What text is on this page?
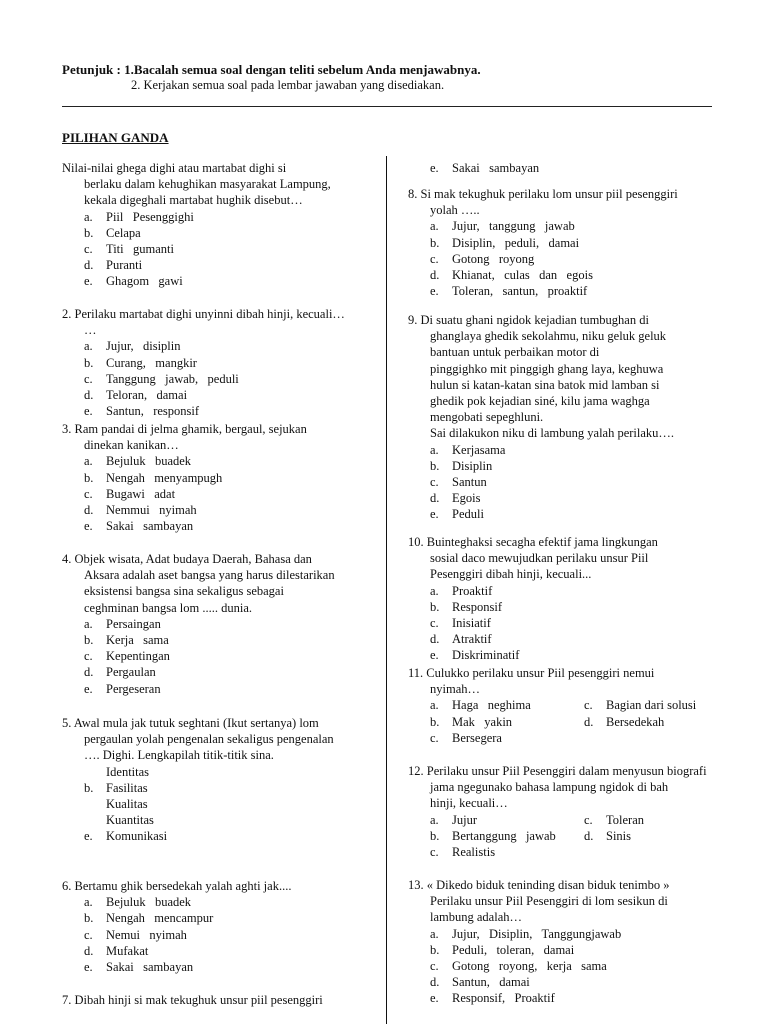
Petunjuk : 1.Bacalah semua soal dengan teliti sebelum Anda menjawabnya.
2. Kerjakan semua soal pada lembar jawaban yang disediakan.
PILIHAN GANDA
Nilai-nilai ghega dighi atau martabat dighi si
berlaku dalam kehughikan masyarakat Lampung,
kekala digeghali martabat hughik disebut…
a.	Piil   Pesenggighi
b.	Celapa
c.	Titi   gumanti
d.	Puranti
e.	Ghagom   gawi
2. Perilaku martabat dighi unyinni dibah hinji, kecuali…
…
a.	Jujur,   disiplin
b.	Curang,   mangkir
c.	Tanggung   jawab,   peduli
d.	Teloran,   damai
e.	Santun,   responsif
3. Ram pandai di jelma ghamik, bergaul, sejukan
dinekan kanikan…
a.	Bejuluk   buadek
b.	Nengah   menyampugh
c.	Bugawi   adat
d.	Nemmui   nyimah
e.	Sakai   sambayan
4. Objek wisata, Adat budaya Daerah, Bahasa dan
Aksara adalah aset bangsa yang harus dilestarikan
eksistensi bangsa sina sekaligus sebagai
ceghminan bangsa lom ..... dunia.
a.	Persaingan
b.	Kerja   sama
c.	Kepentingan
d.	Pergaulan
e.	Pergeseran
5. Awal mula jak tutuk seghtani (Ikut sertanya) lom
pergaulan yolah pengenalan sekaligus pengenalan
…. Dighi. Lengkapilah titik-titik sina.
Identitas
b.	Fasilitas
Kualitas
Kuantitas
e.	Komunikasi
6. Bertamu ghik bersedekah yalah aghti jak....
a.	Bejuluk   buadek
b.	Nengah   mencampur
c.	Nemui   nyimah
d.	Mufakat
e.	Sakai   sambayan
7. Dibah hinji si mak tekughuk unsur piil pesenggiri
e.	Sakai   sambayan
8. Si mak tekughuk perilaku lom unsur piil pesenggiri
yolah …..
a.	Jujur,   tanggung   jawab
b.	Disiplin,   peduli,   damai
c.	Gotong   royong
d.	Khianat,   culas   dan   egois
e.	Toleran,   santun,   proaktif
9. Di suatu ghani ngidok kejadian tumbughan di
ghanglaya ghedik sekolahmu, niku geluk geluk
bantuan untuk perbaikan motor di
pinggighko mit pinggigh ghang laya, keghuwa
hulun si katan-katan sina batok mid lamban si
ghedik pok kejadian siné, kilu jama waghga
mengobati sepeghluni.
Sai dilakukon niku di lambung yalah perilaku….
a.	Kerjasama
b.	Disiplin
c.	Santun
d.	Egois
e.	Peduli
10. Buinteghaksi secagha efektif jama lingkungan
sosial daco mewujudkan perilaku unsur Piil
Pesenggiri dibah hinji, kecuali...
a.	Proaktif
b.	Responsif
c.	Inisiatif
d.	Atraktif
e.	Diskriminatif
11. Culukko perilaku unsur Piil pesenggiri nemui
nyimah…
a.	Haga   neghima	c.	Bagian dari solusi
b.	Mak   yakin	d.	Bersedekah
c.	Bersegera
12. Perilaku unsur Piil Pesenggiri dalam menyusun biografi
jama ngegunako bahasa lampung ngidok di bah
hinji, kecuali…
a.	Jujur	c.	Toleran
b.	Bertanggung   jawab d.	Sinis
c.	Realistis
13. « Dikedo biduk teninding disan biduk tenimbo »
Perilaku unsur Piil Pesenggiri di lom sesikun di
lambung adalah…
a.	Jujur,   Disiplin,   Tanggungjawab
b.	Peduli,   toleran,   damai
c.	Gotong   royong,   kerja   sama
d.	Santun,   damai
e.	Responsif,   Proaktif
